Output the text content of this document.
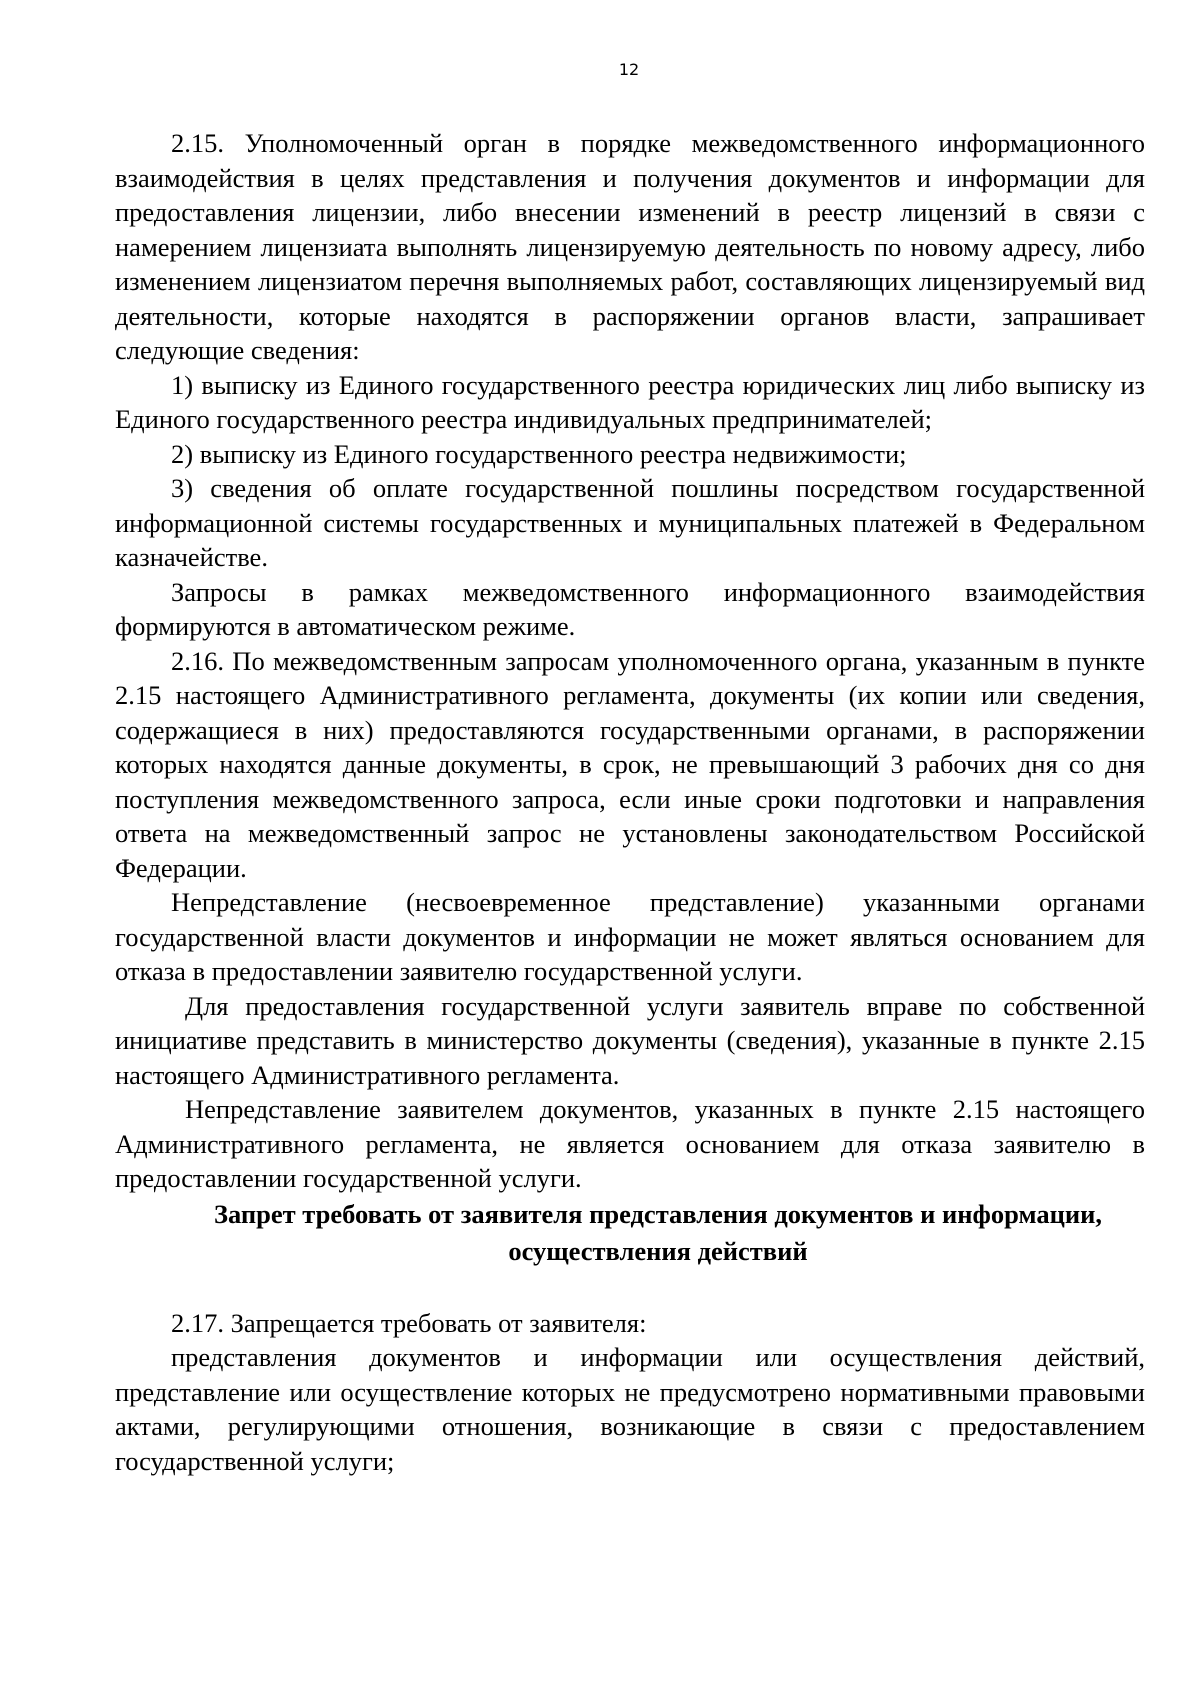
12

2.15. Уполномоченный орган в порядке межведомственного информационного взаимодействия в целях представления и получения документов и информации для предоставления лицензии, либо внесении изменений в реестр лицензий в связи с намерением лицензиата выполнять лицензируемую деятельность по новому адресу, либо изменением лицензиатом перечня выполняемых работ, составляющих лицензируемый вид деятельности, которые находятся в распоряжении органов власти, запрашивает следующие сведения:

1) выписку из Единого государственного реестра юридических лиц либо выписку из Единого государственного реестра индивидуальных предпринимателей;

2) выписку из Единого государственного реестра недвижимости;

3) сведения об оплате государственной пошлины посредством государственной информационной системы государственных и муниципальных платежей в Федеральном казначействе.

Запросы в рамках межведомственного информационного взаимодействия формируются в автоматическом режиме.

2.16. По межведомственным запросам уполномоченного органа, указанным в пункте 2.15 настоящего Административного регламента, документы (их копии или сведения, содержащиеся в них) предоставляются государственными органами, в распоряжении которых находятся данные документы, в срок, не превышающий 3 рабочих дня со дня поступления межведомственного запроса, если иные сроки подготовки и направления ответа на межведомственный запрос не установлены законодательством Российской Федерации.

Непредставление (несвоевременное представление) указанными органами государственной власти документов и информации не может являться основанием для отказа в предоставлении заявителю государственной услуги.

Для предоставления государственной услуги заявитель вправе по собственной инициативе представить в министерство документы (сведения), указанные в пункте 2.15 настоящего Административного регламента.

Непредставление заявителем документов, указанных в пункте 2.15 настоящего Административного регламента, не является основанием для отказа заявителю в предоставлении государственной услуги.

Запрет требовать от заявителя представления документов и информации,
осуществления действий

2.17. Запрещается требовать от заявителя:

представления документов и информации или осуществления действий, представление или осуществление которых не предусмотрено нормативными правовыми актами, регулирующими отношения, возникающие в связи с предоставлением государственной услуги;
